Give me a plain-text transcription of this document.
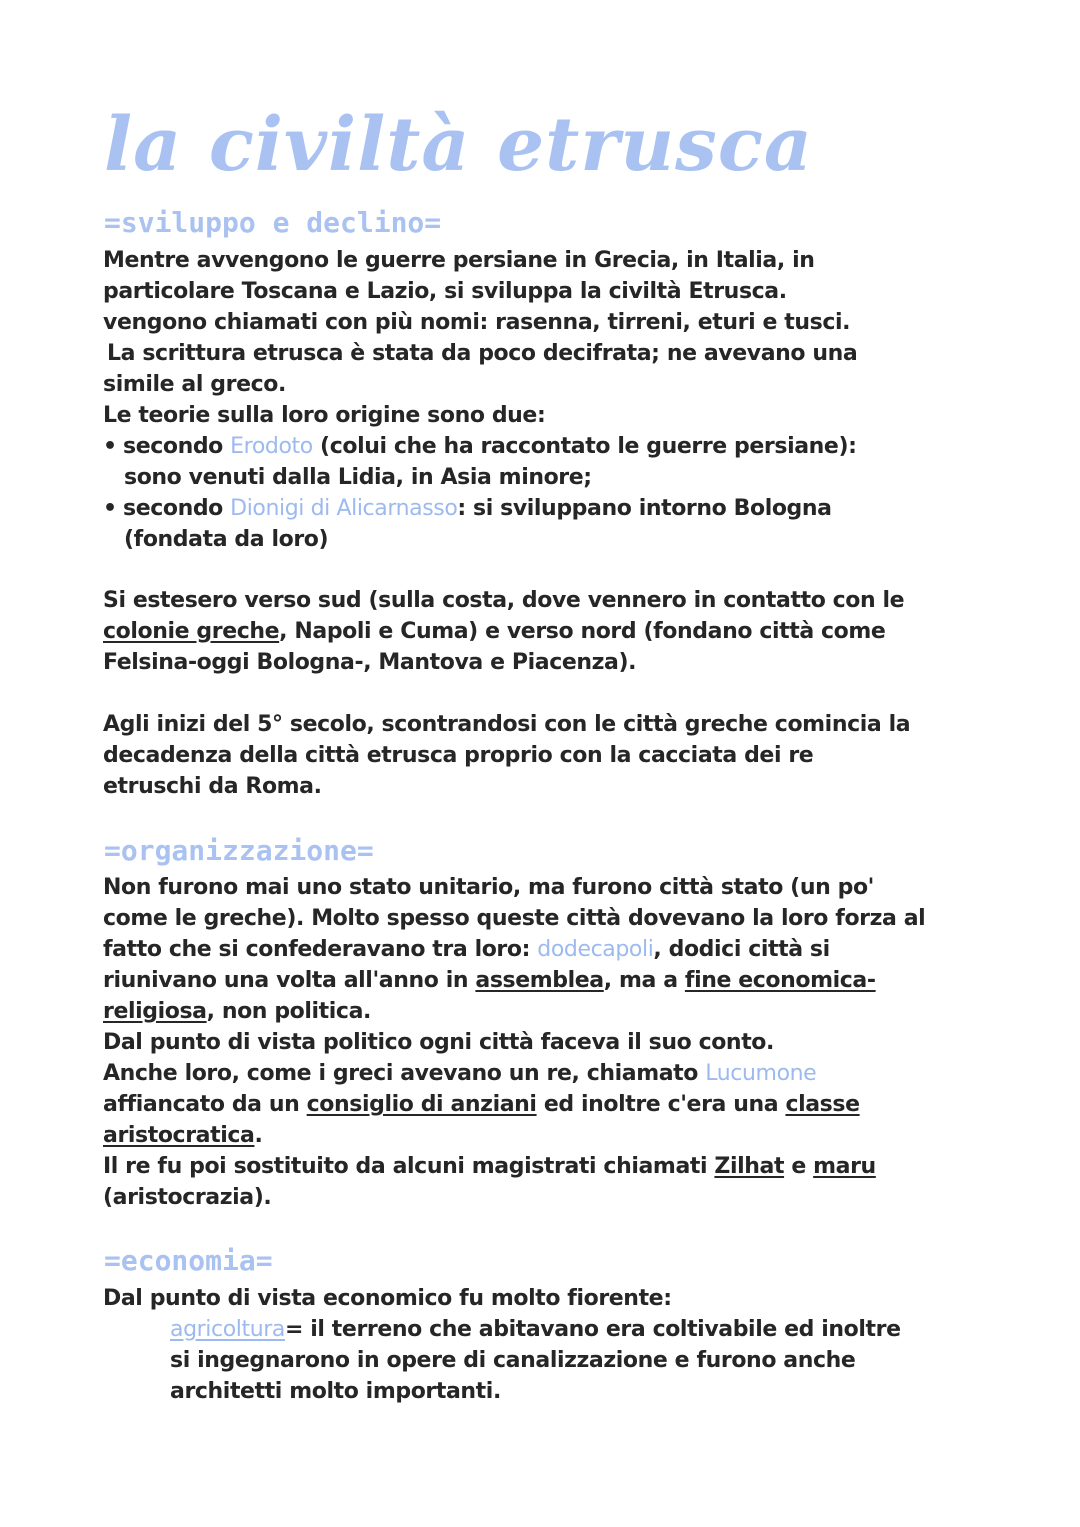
la civiltà etrusca
=sviluppo e declino=
Mentre avvengono le guerre persiane in Grecia, in Italia, in
particolare Toscana e Lazio, si sviluppa la civiltà Etrusca.
vengono chiamati con più nomi: rasenna, tirreni, eturi e tusci.
La scrittura etrusca è stata da poco decifrata; ne avevano una
simile al greco.
Le teorie sulla loro origine sono due:
• secondo Erodoto (colui che ha raccontato le guerre persiane):
sono venuti dalla Lidia, in Asia minore;
• secondo Dionigi di Alicarnasso: si sviluppano intorno Bologna
(fondata da loro)
Si estesero verso sud (sulla costa, dove vennero in contatto con le
colonie greche, Napoli e Cuma) e verso nord (fondano città come
Felsina-oggi Bologna-, Mantova e Piacenza).
Agli inizi del 5° secolo, scontrandosi con le città greche comincia la
decadenza della città etrusca proprio con la cacciata dei re
etruschi da Roma.
=organizzazione=
Non furono mai uno stato unitario, ma furono città stato (un po'
come le greche). Molto spesso queste città dovevano la loro forza al
fatto che si confederavano tra loro: dodecapoli, dodici città si
riunivano una volta all'anno in assemblea, ma a fine economica-
religiosa, non politica.
Dal punto di vista politico ogni città faceva il suo conto.
Anche loro, come i greci avevano un re, chiamato Lucumone
affiancato da un consiglio di anziani ed inoltre c'era una classe
aristocratica.
Il re fu poi sostituito da alcuni magistrati chiamati Zilhat e maru
(aristocrazia).
=economia=
Dal punto di vista economico fu molto fiorente:
agricoltura= il terreno che abitavano era coltivabile ed inoltre
si ingegnarono in opere di canalizzazione e furono anche
architetti molto importanti.
